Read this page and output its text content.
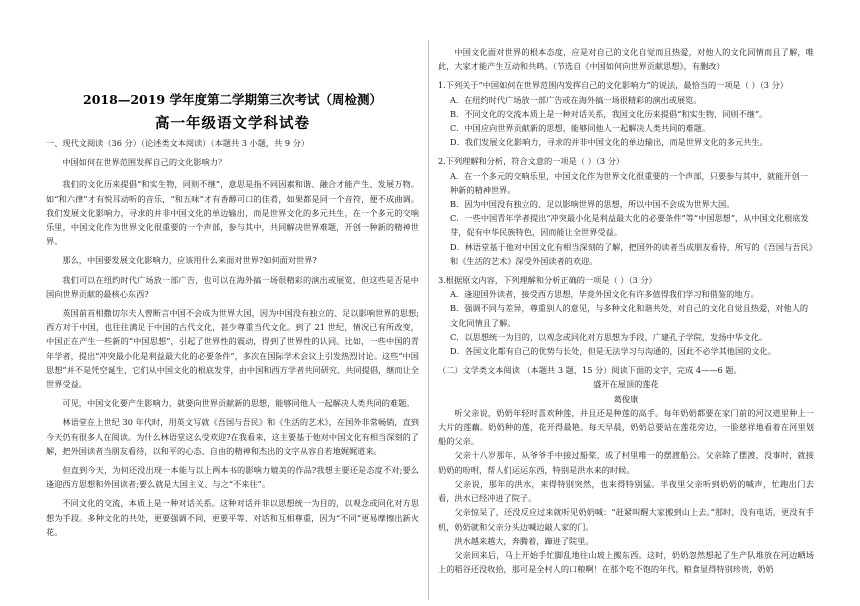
2018—2019 学年度第二学期第三次考试（周检测）
高一年级语文学科试卷

一、现代文阅读（36 分）（论述类文本阅读）（本题共 3 小题，共 9 分）

中国如何在世界范围发挥自己的文化影响力？

我们的文化历来提倡“和实生物，同则不继”，意思是指不同因素和谐、融合才能产生、发展万物。如“和六律”才有悦耳动听的音乐，“和五味”才有香醇可口的佳肴，如果都是同一个音符，便不成曲调。我们发展文化影响力，寻求的并非中国文化的单边输出，而是世界文化的多元共生，在一个多元的交响乐里，中国文化作为世界文化很重要的一个声部，参与其中，共同解决世界难题，开创一种新的精神世界。

那么，中国要发展文化影响力，应该用什么来面对世界?如何面对世界?

我们可以在纽约时代广场放一部广告，也可以在海外搞一场很精彩的演出或展览，但这些是否是中国向世界贡献的最核心东西?

英国前首相撒切尔夫人曾断言中国不会成为世界大国，因为中国没有独立的、足以影响世界的思想;西方对于中国，也往往满足于中国的古代文化，甚少尊重当代文化。到了 21 世纪，情况已有所改变，中国正在产生一些新的“中国思想”，引起了世界性的震动，得到了世界性的认同。比如，一些中国的青年学者，提出“冲突最小化是利益最大化的必要条件”，多次在国际学术会议上引发热烈讨论。这些“中国思想”并不是凭空诞生，它们从中国文化的根底发芽，由中国和西方学者共同研究、共同提倡，继而让全世界受益。

可见，中国文化要产生影响力，就要向世界贡献新的思想，能够同他人一起解决人类共同的难题。

林语堂在上世纪 30 年代时，用英文写就《吾国与吾民》和《生活的艺术》，在国外非常畅销，直到今天仍有很多人在阅读。为什么林语堂这么受欢迎?在我看来，这主要基于他对中国文化有相当深刻的了解，把外国读者当朋友看待，以和平的心态、自由的精神和杰出的文字从容自若地娓娓道来。

但直到今天，为何还没出现一本能与以上两本书的影响力媲美的作品?我想主要还是态度不对;要么逢迎西方思想和外国读者;要么就是大国主义、与之“不来往”。

不同文化的交流，本质上是一种对话关系。这种对话并非以思想统一为目的，以观念或同化对方思想为手段。多种文化的共处，更要强调不同，更要平等、对话和互相尊重，因为“不同”更易摩擦出新火花。

中国文化面对世界的根本态度，应是对自己的文化自觉而且热爱，对他人的文化同情而且了解，唯此，大家才能产生互动和共鸣。（节选自《中国如何向世界贡献思想》，有删改）

1.下列关于“中国如何在世界范围内发挥自己的文化影响力”的说法，最恰当的一项是（ ）（3 分）

A．在纽约时代广场放一部广告或在海外搞一场很精彩的演出或展览。

B．不同文化的交流本质上是一种对话关系，我国文化历来提倡“和实生物，同则不继”。

C．中国应向世界贡献新的思想，能够同他人一起解决人类共同的难题。

D．我们发展文化影响力，寻求的并非中国文化的单边输出，而是世界文化的多元共生。

2.下列理解和分析，符合文意的一项是（ ）（3 分）

A．在一个多元的交响乐里，中国文化作为世界文化很重要的一个声部，只要参与其中，就能开创一种新的精神世界。

B．因为中国没有独立的、足以影响世界的思想，所以中国不会成为世界大国。

C．一些中国青年学者提出“冲突最小化是利益最大化的必要条件”等“中国思想”，从中国文化根底发芽，促有中华民族特色，因而能让全世界受益。

D．林语堂基于他对中国文化有相当深刻的了解，把国外的读者当成朋友看待，所写的《吾国与吾民》和《生活的艺术》深受外国读者的欢迎。

3.根据原文内容，下列理解和分析正确的一项是（ ）（3 分）

A．逢迎国外读者，接受西方思想，毕竟外国文化有许多值得我们学习和借鉴的地方。

B．强调不同与差异，尊重别人的意见，与多种文化和谐共处，对自己的文化自觉且热爱，对他人的文化同情且了解。

C．以思想统一为目的，以观念或同化对方思想为手段，广建孔子学院，发扬中华文化。

D．各国文化都有自己的优势与长处，但是无法学习与沟通的，因此不必学其他国的文化。

（二）文学类文本阅读 （本题共 3 题，15 分）阅读下面的文字，完成 4——6 题。

盛开在屋顶的莲花

葛俊康

听父亲说，奶奶年轻时喜欢种莲，并且还是种莲的高手。每年奶奶都要在家门前的河汉道里种上一大片的莲藕。奶奶种的莲，花开得最艳。每天早晨，奶奶总要站在莲花旁边，一脸慈祥地看着在河里划船的父亲。

父亲十八岁那年，从爷爷手中接过船桨，成了村里唯一的摆渡船公。父亲除了摆渡，没事时，就接奶奶的吩咐，帮人们运运东西，特别是洪水来的时候。

父亲说，那年的洪水，来得特别突然，也来得特别猛。半夜里父亲听到奶奶的喊声，忙跑出门去看，洪水已经冲进了院子。

父亲惊呆了，还没反应过来就听见奶奶喊：“赶紧叫醒大家搬到山上去。”那时，没有电话，更没有手机，奶奶就和父亲分头边喊边敲人家的门。

洪水越来越大，奔腾着，蹿进了院里。

父亲回来后，马上开始手忙脚乱地往山坡上搬东西。这时，奶奶忽然想起了生产队堆放在河边晒场上的稻谷还没收拾，那可是全村人的口粮啊！在那个吃不饱的年代，粮食显得特别珍贵，奶奶
